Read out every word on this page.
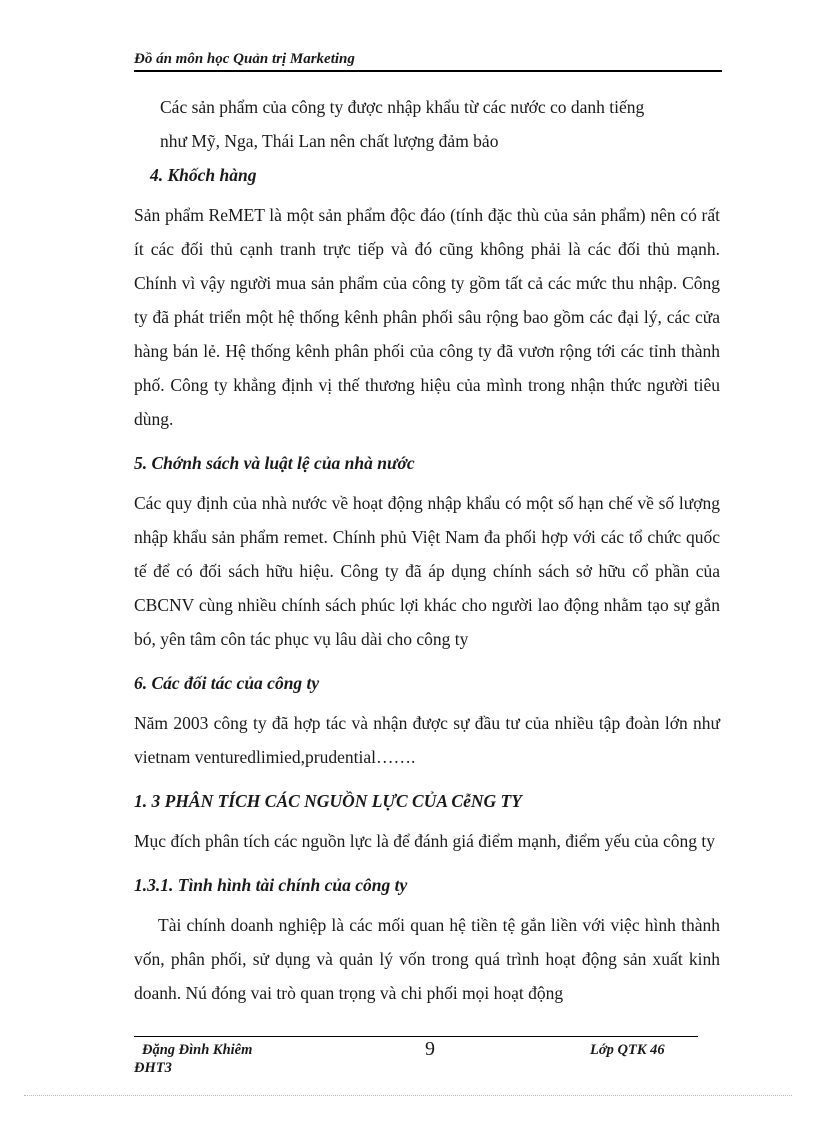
Đồ án môn học Quản trị Marketing

Các sản phẩm của công ty được nhập khẩu từ các nước co danh tiếng

như Mỹ, Nga, Thái Lan nên chất lượng đảm bảo

4. Khốch hàng

Sản phẩm ReMET là một sản phẩm độc đáo (tính đặc thù của sản phẩm) nên có rất ít các đối thủ cạnh tranh trực tiếp và đó cũng không phải là các đối thủ mạnh. Chính vì vậy người mua sản phẩm của công ty gồm tất cả các mức thu nhập. Công ty đã phát triển một hệ thống kênh phân phối sâu rộng bao gồm các đại lý, các cửa hàng bán lẻ. Hệ thống kênh phân phối của công ty đã vươn rộng tới các tỉnh thành phố. Công ty khẳng định vị thế thương hiệu của mình trong nhận thức người tiêu dùng.

5. Chớnh sách và luật lệ của nhà nước

Các quy định của nhà nước về hoạt động nhập khẩu có một số hạn chế về số lượng nhập khẩu sản phẩm remet. Chính phủ Việt Nam đa phối hợp với các tổ chức quốc tế để có đối sách hữu hiệu. Công ty đã áp dụng chính sách sở hữu cổ phần của CBCNV cùng nhiều chính sách phúc lợi khác cho người lao động nhằm tạo sự gắn bó, yên tâm côn tác phục vụ lâu dài cho công ty

6. Các đối tác của công ty

Năm 2003 công ty đã hợp tác và nhận được sự đầu tư của nhiều tập đoàn lớn như vietnam venturedlimied,prudential…….

1. 3 PHÂN TÍCH CÁC NGUỒN LỰC CỦA CễNG TY

Mục đích phân tích các nguồn lực là để đánh giá điểm mạnh, điểm yếu của công ty

1.3.1. Tình hình tài chính của công ty

Tài chính doanh nghiệp là các mối quan hệ tiền tệ gắn liền với việc hình thành vốn, phân phối, sử dụng và quản lý vốn trong quá trình hoạt động sản xuất kinh doanh. Nú đóng vai trò quan trọng và chi phối mọi hoạt động

Đặng Đình Khiêm
ĐHT3
9	Lớp QTK 46
